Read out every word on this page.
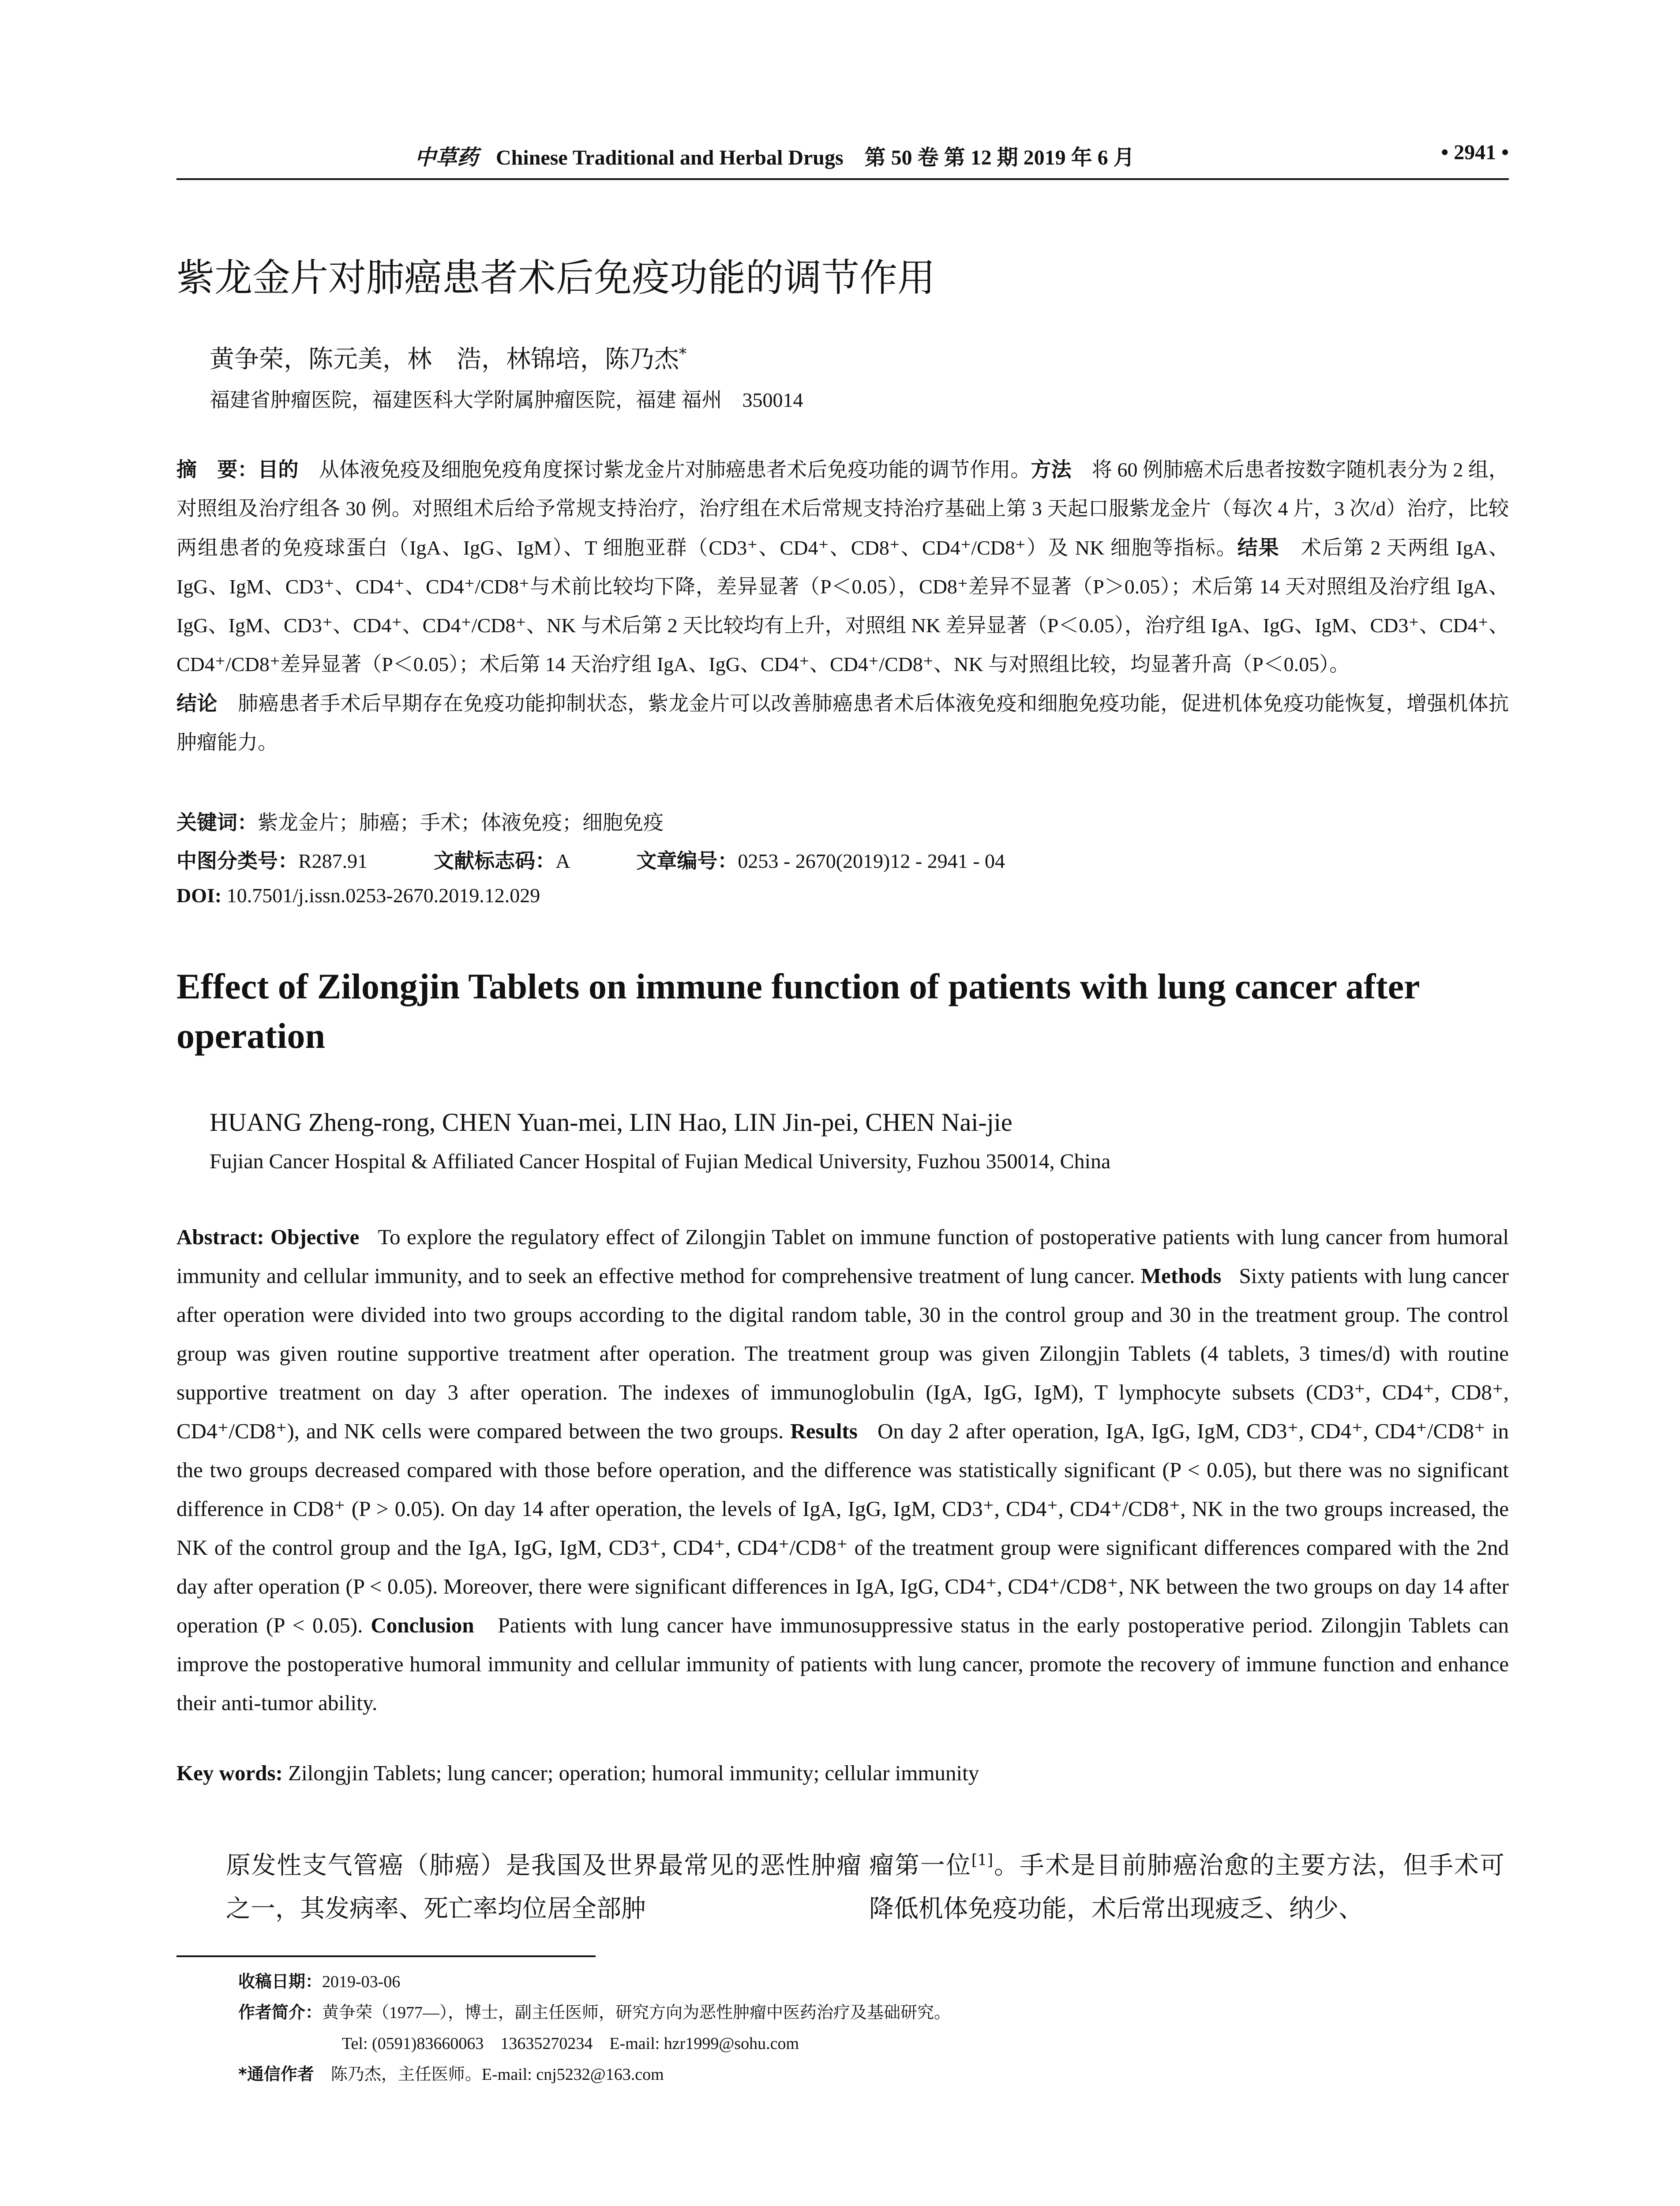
中草药 Chinese Traditional and Herbal Drugs　第 50 卷 第 12 期 2019 年 6 月	• 2941 •
紫龙金片对肺癌患者术后免疫功能的调节作用
黄争荣，陈元美，林　浩，林锦培，陈乃杰*
福建省肿瘤医院，福建医科大学附属肿瘤医院，福建 福州　350014
摘　要：目的　 从体液免疫及细胞免疫角度探讨紫龙金片对肺癌患者术后免疫功能的调节作用。方法　 将 60 例肺癌术后患者按数字随机表分为 2 组，对照组及治疗组各 30 例。对照组术后给予常规支持治疗，治疗组在术后常规支持治疗基础上第 3 天起口服紫龙金片（每次 4 片，3 次/d）治疗，比较两组患者的免疫球蛋白（IgA、IgG、IgM）、T 细胞亚群（CD3⁺、CD4⁺、CD8⁺、CD4⁺/CD8⁺）及 NK 细胞等指标。结果　 术后第 2 天两组 IgA、IgG、IgM、CD3⁺、CD4⁺、CD4⁺/CD8⁺与术前比较均下降，差异显著（P＜0.05），CD8⁺差异不显著（P＞0.05）；术后第 14 天对照组及治疗组 IgA、IgG、IgM、CD3⁺、CD4⁺、CD4⁺/CD8⁺、NK 与术后第 2 天比较均有上升，对照组 NK 差异显著（P＜0.05），治疗组 IgA、IgG、IgM、CD3⁺、CD4⁺、CD4⁺/CD8⁺差异显著（P＜0.05）；术后第 14 天治疗组 IgA、IgG、CD4⁺、CD4⁺/CD8⁺、NK 与对照组比较，均显著升高（P＜0.05）。
结论　 肺癌患者手术后早期存在免疫功能抑制状态，紫龙金片可以改善肺癌患者术后体液免疫和细胞免疫功能，促进机体免疫功能恢复，增强机体抗肿瘤能力。
关键词：紫龙金片；肺癌；手术；体液免疫；细胞免疫
中图分类号：R287.91	文献标志码：A	文章编号：0253 - 2670(2019)12 - 2941 - 04
DOI: 10.7501/j.issn.0253-2670.2019.12.029
Effect of Zilongjin Tablets on immune function of patients with lung cancer after operation
HUANG Zheng-rong, CHEN Yuan-mei, LIN Hao, LIN Jin-pei, CHEN Nai-jie
Fujian Cancer Hospital & Affiliated Cancer Hospital of Fujian Medical University, Fuzhou 350014, China
Abstract: Objective To explore the regulatory effect of Zilongjin Tablet on immune function of postoperative patients with lung cancer from humoral immunity and cellular immunity, and to seek an effective method for comprehensive treatment of lung cancer. Methods Sixty patients with lung cancer after operation were divided into two groups according to the digital random table, 30 in the control group and 30 in the treatment group. The control group was given routine supportive treatment after operation. The treatment group was given Zilongjin Tablets (4 tablets, 3 times/d) with routine supportive treatment on day 3 after operation. The indexes of immunoglobulin (IgA, IgG, IgM), T lymphocyte subsets (CD3⁺, CD4⁺, CD8⁺, CD4⁺/CD8⁺), and NK cells were compared between the two groups. Results On day 2 after operation, IgA, IgG, IgM, CD3⁺, CD4⁺, CD4⁺/CD8⁺ in the two groups decreased compared with those before operation, and the difference was statistically significant (P < 0.05), but there was no significant difference in CD8⁺ (P > 0.05). On day 14 after operation, the levels of IgA, IgG, IgM, CD3⁺, CD4⁺, CD4⁺/CD8⁺, NK in the two groups increased, the NK of the control group and the IgA, IgG, IgM, CD3⁺, CD4⁺, CD4⁺/CD8⁺ of the treatment group were significant differences compared with the 2nd day after operation (P < 0.05). Moreover, there were significant differences in IgA, IgG, CD4⁺, CD4⁺/CD8⁺, NK between the two groups on day 14 after operation (P < 0.05). Conclusion Patients with lung cancer have immunosuppressive status in the early postoperative period. Zilongjin Tablets can improve the postoperative humoral immunity and cellular immunity of patients with lung cancer, promote the recovery of immune function and enhance their anti-tumor ability.
Key words: Zilongjin Tablets; lung cancer; operation; humoral immunity; cellular immunity
原发性支气管癌（肺癌）是我国及世界最常见的恶性肿瘤之一，其发病率、死亡率均位居全部肿
瘤第一位[1]。手术是目前肺癌治愈的主要方法，但手术可降低机体免疫功能，术后常出现疲乏、纳少、
收稿日期：2019-03-06
作者简介：黄争荣（1977—），博士，副主任医师，研究方向为恶性肿瘤中医药治疗及基础研究。
Tel: (0591)83660063　13635270234　E-mail: hzr1999@sohu.com
*通信作者　 陈乃杰，主任医师。E-mail: cnj5232@163.com
